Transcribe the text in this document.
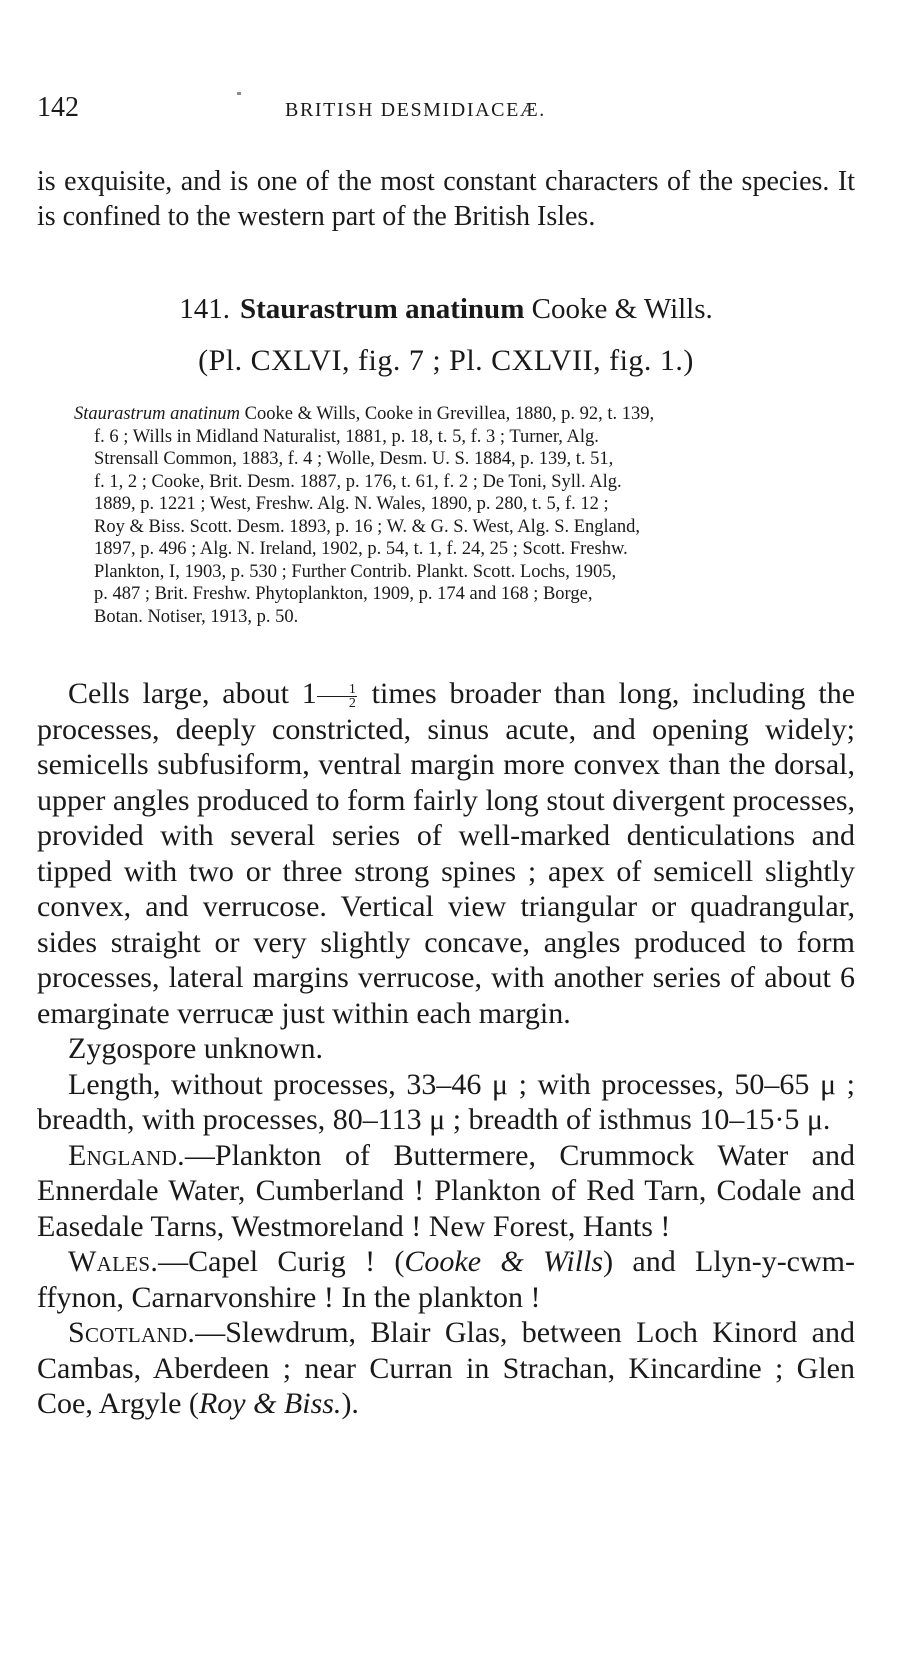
142	BRITISH DESMIDIACEÆ.
is exquisite, and is one of the most constant characters of the species. It is confined to the western part of the British Isles.
141. Staurastrum anatinum Cooke & Wills.
(Pl. CXLVI, fig. 7 ; Pl. CXLVII, fig. 1.)
Staurastrum anatinum Cooke & Wills, Cooke in Grevillea, 1880, p. 92, t. 139,
f. 6 ; Wills in Midland Naturalist, 1881, p. 18, t. 5, f. 3 ; Turner, Alg.
Strensall Common, 1883, f. 4 ; Wolle, Desm. U. S. 1884, p. 139, t. 51,
f. 1, 2 ; Cooke, Brit. Desm. 1887, p. 176, t. 61, f. 2 ; De Toni, Syll. Alg.
1889, p. 1221 ; West, Freshw. Alg. N. Wales, 1890, p. 280, t. 5, f. 12 ;
Roy & Biss. Scott. Desm. 1893, p. 16 ; W. & G. S. West, Alg. S. England,
1897, p. 496 ; Alg. N. Ireland, 1902, p. 54, t. 1, f. 24, 25 ; Scott. Freshw.
Plankton, I, 1903, p. 530 ; Further Contrib. Plankt. Scott. Lochs, 1905,
p. 487 ; Brit. Freshw. Phytoplankton, 1909, p. 174 and 168 ; Borge,
Botan. Notiser, 1913, p. 50.

Cells large, about $1 \frac{1}{2}$ times broader than long, including the processes, deeply constricted, sinus acute, and opening widely; semicells subfusiform, ventral margin more convex than the dorsal, upper angles produced to form fairly long stout divergent processes, provided with several series of well-marked denticulations and tipped with two or three strong spines ; apex of semicell slightly convex, and verrucose. Vertical view triangular or quadrangular, sides straight or very slightly concave, angles produced to form processes, lateral margins verrucose, with another series of about 6 emarginate verrucæ just within each margin.

Zygospore unknown.

Length, without processes, 33–46 μ ; with processes, 50–65 μ ; breadth, with processes, 80–113 μ ; breadth of isthmus 10–15·5 μ.

England.—Plankton of Buttermere, Crummock Water and Ennerdale Water, Cumberland ! Plankton of Red Tarn, Codale and Easedale Tarns, Westmoreland ! New Forest, Hants !

Wales.—Capel Curig ! (Cooke & Wills) and Llyn-y-cwm-ffynon, Carnarvonshire ! In the plankton !

Scotland.—Slewdrum, Blair Glas, between Loch Kinord and Cambas, Aberdeen ; near Curran in Strachan, Kincardine ; Glen Coe, Argyle (Roy & Biss.).
